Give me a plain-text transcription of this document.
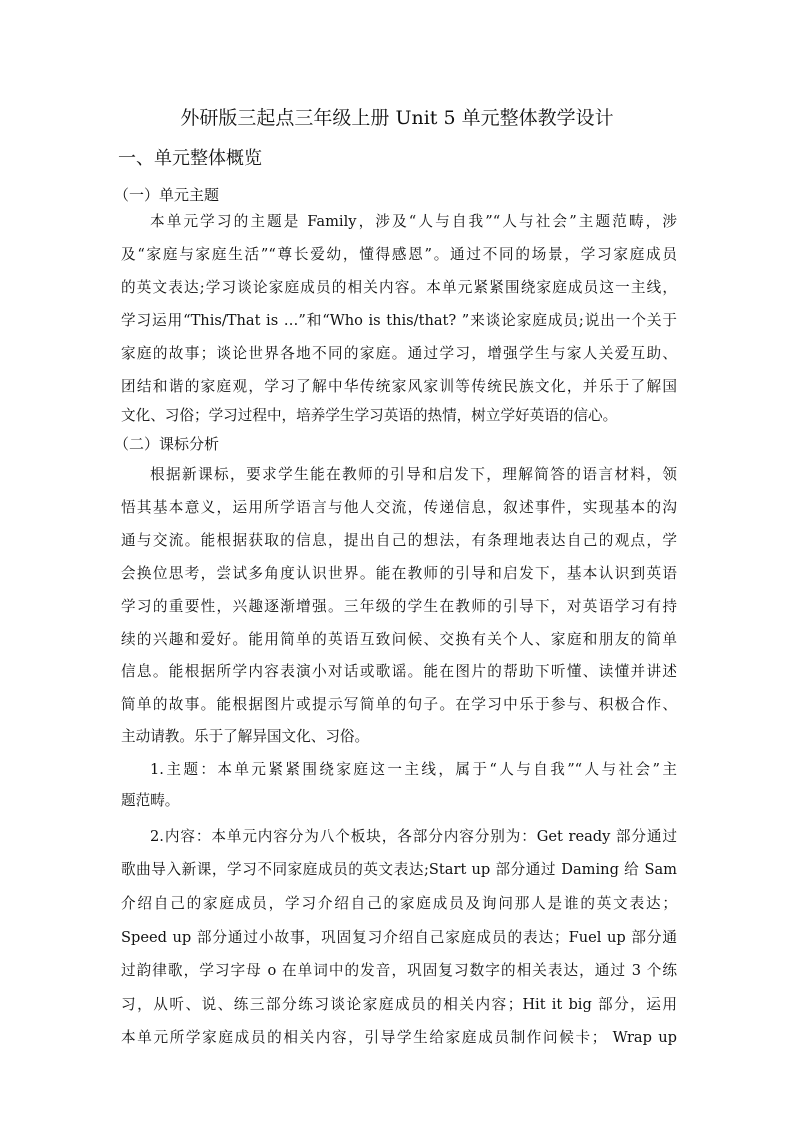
外研版三起点三年级上册 Unit 5 单元整体教学设计
一、单元整体概览
（一）单元主题
本单元学习的主题是 Family，涉及“人与自我”“人与社会”主题范畴，涉
及“家庭与家庭生活”“尊长爱幼，懂得感恩”。通过不同的场景，学习家庭成员
的英文表达;学习谈论家庭成员的相关内容。本单元紧紧围绕家庭成员这一主线，
学习运用“This/That is …”和“Who is this/that? ”来谈论家庭成员;说出一个关于
家庭的故事；谈论世界各地不同的家庭。通过学习，增强学生与家人关爱互助、
团结和谐的家庭观，学习了解中华传统家风家训等传统民族文化，并乐于了解国
文化、习俗；学习过程中，培养学生学习英语的热情，树立学好英语的信心。
（二）课标分析
根据新课标，要求学生能在教师的引导和启发下，理解简答的语言材料，领
悟其基本意义，运用所学语言与他人交流，传递信息，叙述事件，实现基本的沟
通与交流。能根据获取的信息，提出自己的想法，有条理地表达自己的观点，学
会换位思考，尝试多角度认识世界。能在教师的引导和启发下，基本认识到英语
学习的重要性，兴趣逐渐增强。三年级的学生在教师的引导下，对英语学习有持
续的兴趣和爱好。能用简单的英语互致问候、交换有关个人、家庭和朋友的简单
信息。能根据所学内容表演小对话或歌谣。能在图片的帮助下听懂、读懂并讲述
简单的故事。能根据图片或提示写简单的句子。在学习中乐于参与、积极合作、
主动请教。乐于了解异国文化、习俗。
1.主题：本单元紧紧围绕家庭这一主线，属于“人与自我”“人与社会”主
题范畴。
2.内容：本单元内容分为八个板块，各部分内容分别为：Get ready 部分通过
歌曲导入新课，学习不同家庭成员的英文表达;Start up 部分通过 Daming 给 Sam
介绍自己的家庭成员，学习介绍自己的家庭成员及询问那人是谁的英文表达；
Speed up 部分通过小故事，巩固复习介绍自己家庭成员的表达；Fuel up 部分通
过韵律歌，学习字母 o 在单词中的发音，巩固复习数字的相关表达，通过 3 个练
习，从听、说、练三部分练习谈论家庭成员的相关内容；Hit it big 部分，运用
本单元所学家庭成员的相关内容，引导学生给家庭成员制作问候卡； Wrap up
